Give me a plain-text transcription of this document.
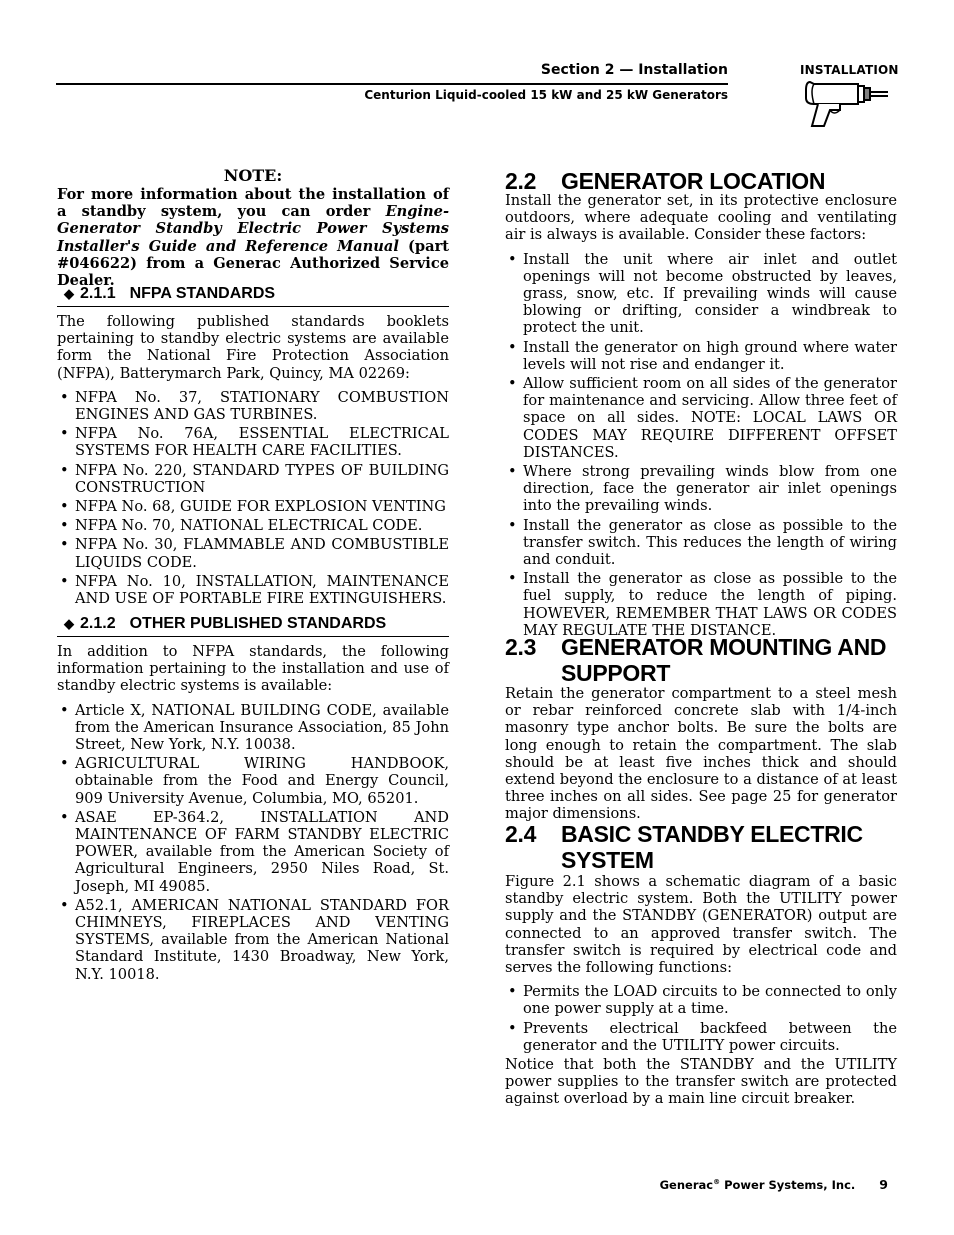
Section 2 — Installation
Centurion Liquid-cooled 15 kW and 25 kW Generators
INSTALLATION
NOTE:
For more information about the installation of a standby system, you can order Engine-Generator Standby Electric Power Systems Installer's Guide and Reference Manual (part #046622) from a Generac Authorized Service Dealer.
◆ 2.1.1 NFPA STANDARDS

The following published standards booklets pertaining to standby electric systems are available form the National Fire Protection Association (NFPA), Batterymarch Park, Quincy, MA 02269:

• NFPA No. 37, STATIONARY COMBUSTION ENGINES AND GAS TURBINES.
• NFPA No. 76A, ESSENTIAL ELECTRICAL SYSTEMS FOR HEALTH CARE FACILITIES.
• NFPA No. 220, STANDARD TYPES OF BUILDING CONSTRUCTION
• NFPA No. 68, GUIDE FOR EXPLOSION VENTING
• NFPA No. 70, NATIONAL ELECTRICAL CODE.
• NFPA No. 30, FLAMMABLE AND COMBUSTIBLE LIQUIDS CODE.
• NFPA No. 10, INSTALLATION, MAINTENANCE AND USE OF PORTABLE FIRE EXTINGUISHERS.
◆ 2.1.2 OTHER PUBLISHED STANDARDS

In addition to NFPA standards, the following information pertaining to the installation and use of standby electric systems is available:

• Article X, NATIONAL BUILDING CODE, available from the American Insurance Association, 85 John Street, New York, N.Y. 10038.
• AGRICULTURAL WIRING HANDBOOK, obtainable from the Food and Energy Council, 909 University Avenue, Columbia, MO, 65201.
• ASAE EP-364.2, INSTALLATION AND MAINTENANCE OF FARM STANDBY ELECTRIC POWER, available from the American Society of Agricultural Engineers, 2950 Niles Road, St. Joseph, MI 49085.
• A52.1, AMERICAN NATIONAL STANDARD FOR CHIMNEYS, FIREPLACES AND VENTING SYSTEMS, available from the American National Standard Institute, 1430 Broadway, New York, N.Y. 10018.
2.2 GENERATOR LOCATION

Install the generator set, in its protective enclosure outdoors, where adequate cooling and ventilating air is always is available. Consider these factors:

• Install the unit where air inlet and outlet openings will not become obstructed by leaves, grass, snow, etc. If prevailing winds will cause blowing or drifting, consider a windbreak to protect the unit.
• Install the generator on high ground where water levels will not rise and endanger it.
• Allow sufficient room on all sides of the generator for maintenance and servicing. Allow three feet of space on all sides. NOTE: LOCAL LAWS OR CODES MAY REQUIRE DIFFERENT OFFSET DISTANCES.
• Where strong prevailing winds blow from one direction, face the generator air inlet openings into the prevailing winds.
• Install the generator as close as possible to the transfer switch. This reduces the length of wiring and conduit.
• Install the generator as close as possible to the fuel supply, to reduce the length of piping. HOWEVER, REMEMBER THAT LAWS OR CODES MAY REGULATE THE DISTANCE.
2.3 GENERATOR MOUNTING AND
SUPPORT

Retain the generator compartment to a steel mesh or rebar reinforced concrete slab with 1/4-inch masonry type anchor bolts. Be sure the bolts are long enough to retain the compartment. The slab should be at least five inches thick and should extend beyond the enclosure to a distance of at least three inches on all sides. See page 25 for generator major dimensions.

2.4 BASIC STANDBY ELECTRIC
SYSTEM

Figure 2.1 shows a schematic diagram of a basic standby electric system. Both the UTILITY power supply and the STANDBY (GENERATOR) output are connected to an approved transfer switch. The transfer switch is required by electrical code and serves the following functions:

• Permits the LOAD circuits to be connected to only one power supply at a time.
• Prevents electrical backfeed between the generator and the UTILITY power circuits.

Notice that both the STANDBY and the UTILITY power supplies to the transfer switch are protected against overload by a main line circuit breaker.

Generac® Power Systems, Inc. 9
